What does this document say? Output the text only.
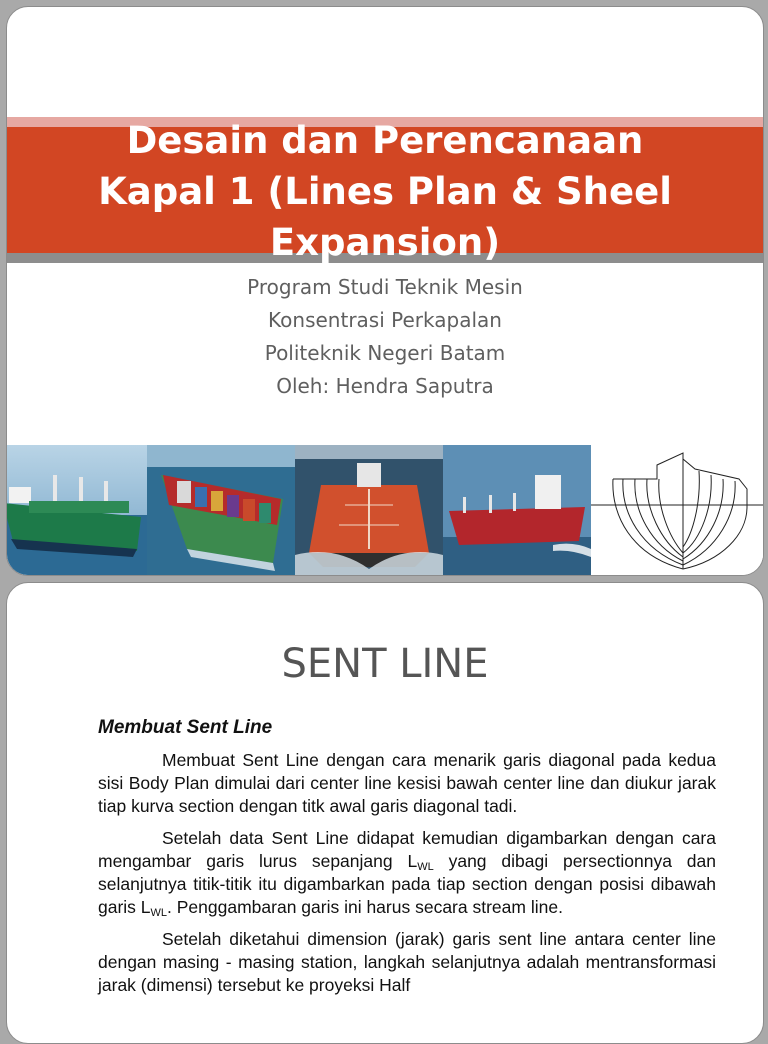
Desain dan Perencanaan
Kapal 1 (Lines Plan & Sheel
Expansion)
Program Studi Teknik Mesin
Konsentrasi Perkapalan
Politeknik Negeri Batam
Oleh: Hendra Saputra
SENT LINE
Membuat Sent Line

Membuat Sent Line dengan cara menarik garis diagonal pada kedua sisi Body Plan dimulai dari center line kesisi bawah center line dan diukur jarak tiap kurva section dengan titk awal garis diagonal tadi.

Setelah data Sent Line didapat kemudian digambarkan dengan cara mengambar garis lurus sepanjang $L_{WL}$ yang dibagi persectionnya dan selanjutnya titik-titik itu digambarkan pada tiap section dengan posisi dibawah garis $L_{WL}$. Penggambaran garis ini harus secara stream line.

Setelah diketahui dimension (jarak) garis sent line antara center line dengan masing - masing station, langkah selanjutnya adalah mentransformasi jarak (dimensi) tersebut ke proyeksi Half
